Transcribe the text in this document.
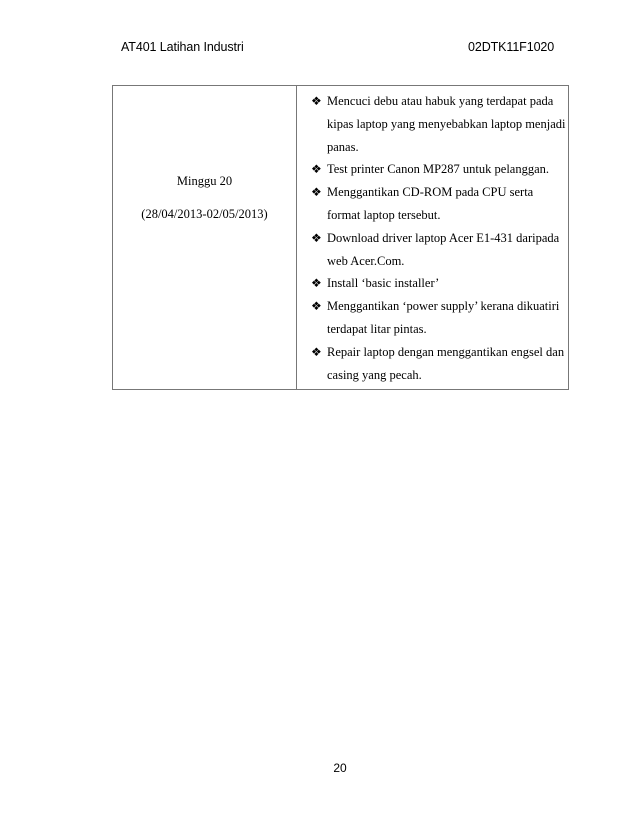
AT401 Latihan Industri	02DTK11F1020
Minggu 20
(28/04/2013-02/05/2013)
❖ Mencuci debu atau habuk yang terdapat pada kipas laptop yang menyebabkan laptop menjadi panas.
❖ Test printer Canon MP287 untuk pelanggan.
❖ Menggantikan CD-ROM pada CPU serta format laptop tersebut.
❖ Download driver laptop Acer E1-431 daripada web Acer.Com.
❖ Install ‘basic installer’
❖ Menggantikan ‘power supply’ kerana dikuatiri terdapat litar pintas.
❖ Repair laptop dengan menggantikan engsel dan casing yang pecah.
20
